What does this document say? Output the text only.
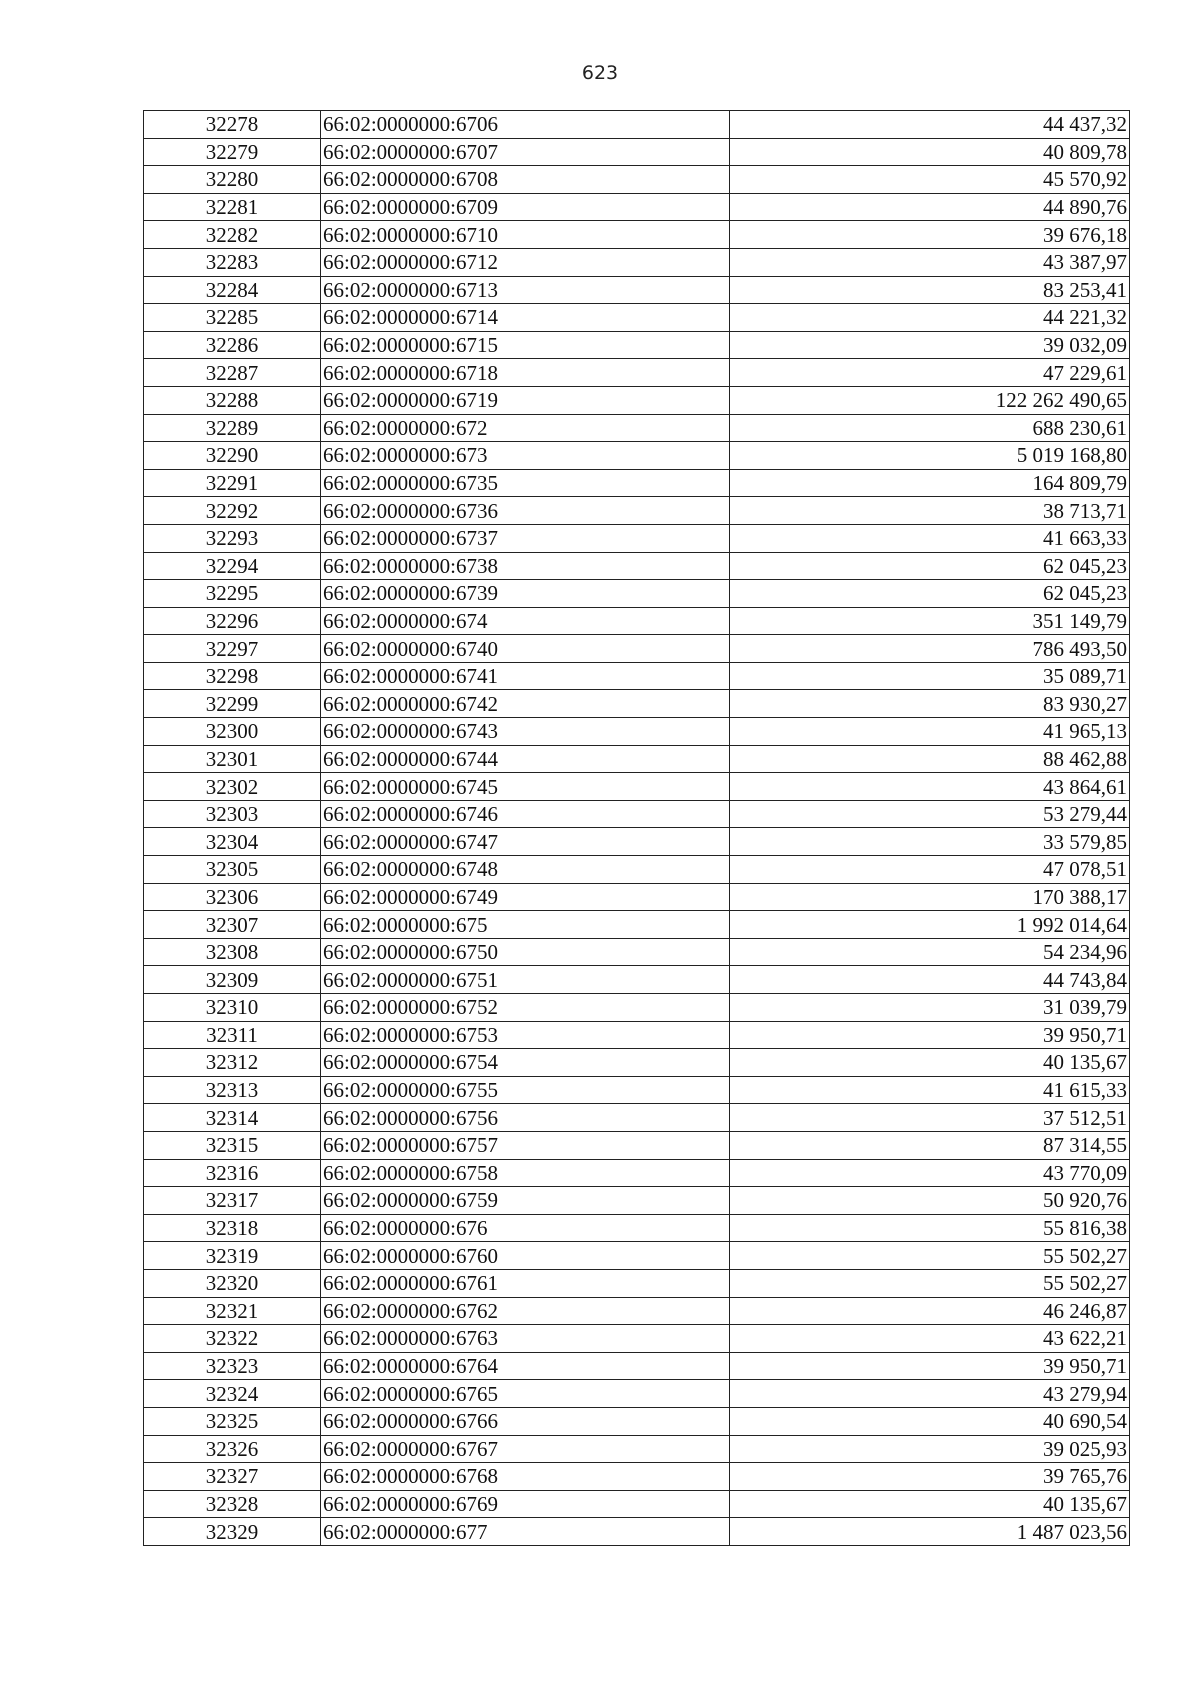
623
32278	66:02:0000000:6706	44 437,32
32279	66:02:0000000:6707	40 809,78
32280	66:02:0000000:6708	45 570,92
32281	66:02:0000000:6709	44 890,76
32282	66:02:0000000:6710	39 676,18
32283	66:02:0000000:6712	43 387,97
32284	66:02:0000000:6713	83 253,41
32285	66:02:0000000:6714	44 221,32
32286	66:02:0000000:6715	39 032,09
32287	66:02:0000000:6718	47 229,61
32288	66:02:0000000:6719	122 262 490,65
32289	66:02:0000000:672	688 230,61
32290	66:02:0000000:673	5 019 168,80
32291	66:02:0000000:6735	164 809,79
32292	66:02:0000000:6736	38 713,71
32293	66:02:0000000:6737	41 663,33
32294	66:02:0000000:6738	62 045,23
32295	66:02:0000000:6739	62 045,23
32296	66:02:0000000:674	351 149,79
32297	66:02:0000000:6740	786 493,50
32298	66:02:0000000:6741	35 089,71
32299	66:02:0000000:6742	83 930,27
32300	66:02:0000000:6743	41 965,13
32301	66:02:0000000:6744	88 462,88
32302	66:02:0000000:6745	43 864,61
32303	66:02:0000000:6746	53 279,44
32304	66:02:0000000:6747	33 579,85
32305	66:02:0000000:6748	47 078,51
32306	66:02:0000000:6749	170 388,17
32307	66:02:0000000:675	1 992 014,64
32308	66:02:0000000:6750	54 234,96
32309	66:02:0000000:6751	44 743,84
32310	66:02:0000000:6752	31 039,79
32311	66:02:0000000:6753	39 950,71
32312	66:02:0000000:6754	40 135,67
32313	66:02:0000000:6755	41 615,33
32314	66:02:0000000:6756	37 512,51
32315	66:02:0000000:6757	87 314,55
32316	66:02:0000000:6758	43 770,09
32317	66:02:0000000:6759	50 920,76
32318	66:02:0000000:676	55 816,38
32319	66:02:0000000:6760	55 502,27
32320	66:02:0000000:6761	55 502,27
32321	66:02:0000000:6762	46 246,87
32322	66:02:0000000:6763	43 622,21
32323	66:02:0000000:6764	39 950,71
32324	66:02:0000000:6765	43 279,94
32325	66:02:0000000:6766	40 690,54
32326	66:02:0000000:6767	39 025,93
32327	66:02:0000000:6768	39 765,76
32328	66:02:0000000:6769	40 135,67
32329	66:02:0000000:677	1 487 023,56
